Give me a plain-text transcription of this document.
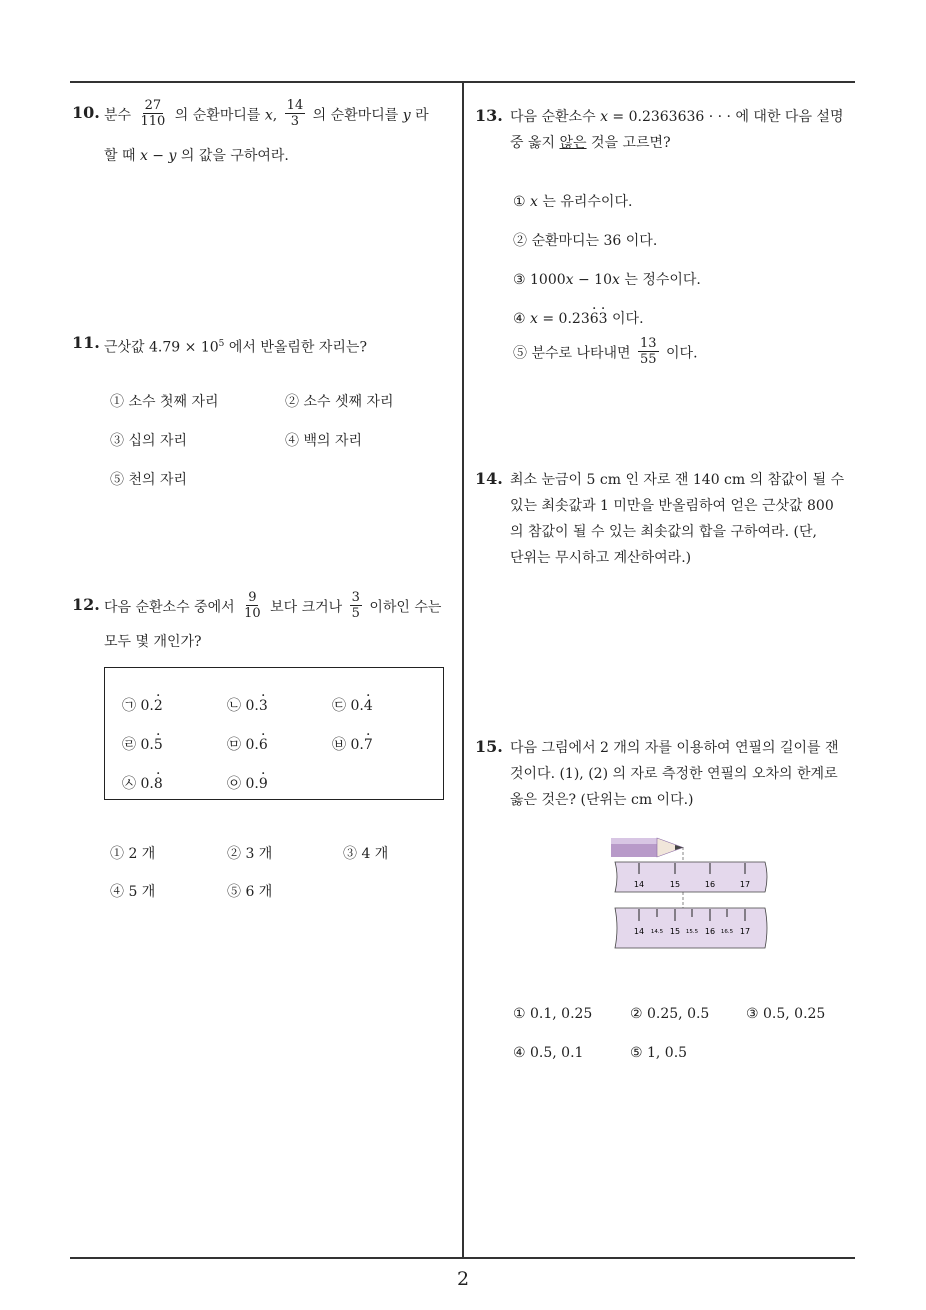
2
10. 분수 $\frac{27}{110}$ 의 순환마디를 x, $\frac{14}{3}$ 의 순환마디를 y 라
할 때 x − y 의 값을 구하여라.
11. 근삿값 $4.79 \times 10^5$ 에서 반올림한 자리는?
① 소수 첫째 자리	② 소수 셋째 자리
③ 십의 자리	④ 백의 자리
⑤ 천의 자리
12. 다음 순환소수 중에서 $\frac{9}{10}$ 보다 크거나 $\frac{3}{5}$ 이하인 수는
모두 몇 개인가?
㉠ 0.· 2	㉡ 0.· 3	㉢ 0.· 4
㉣ 0.· 5	㉤ 0.· 6	㉥ 0.· 7
㉦ 0.· 8	㉧ 0.· 9
① 2 개	② 3 개	③ 4 개
④ 5 개	⑤ 6 개
13. 다음 순환소수 x = 0.2363636 · · · 에 대한 다음 설명
중 옳지 않은 것을 고르면?
① x 는 유리수이다.
② 순환마디는 36 이다.
③ 1000x − 10x 는 정수이다.
④ x = 0.23· 6· 3 이다.
⑤ 분수로 나타내면 $\frac{13}{55}$ 이다.
14. 최소 눈금이 5 cm 인 자로 잰 140 cm 의 참값이 될 수
있는 최솟값과 1 미만을 반올림하여 얻은 근삿값 800
의 참값이 될 수 있는 최솟값의 합을 구하여라. (단,
단위는 무시하고 계산하여라.)
15. 다음 그림에서 2 개의 자를 이용하여 연필의 길이를 잰
것이다. (1), (2) 의 자로 측정한 연필의 오차의 한계로
옳은 것은? (단위는 cm 이다.)
14	15	16	17
14 14.5 15 15.5 16 16.5 17
① 0.1, 0.25	② 0.25, 0.5	③ 0.5, 0.25
④ 0.5, 0.1	⑤ 1, 0.5
